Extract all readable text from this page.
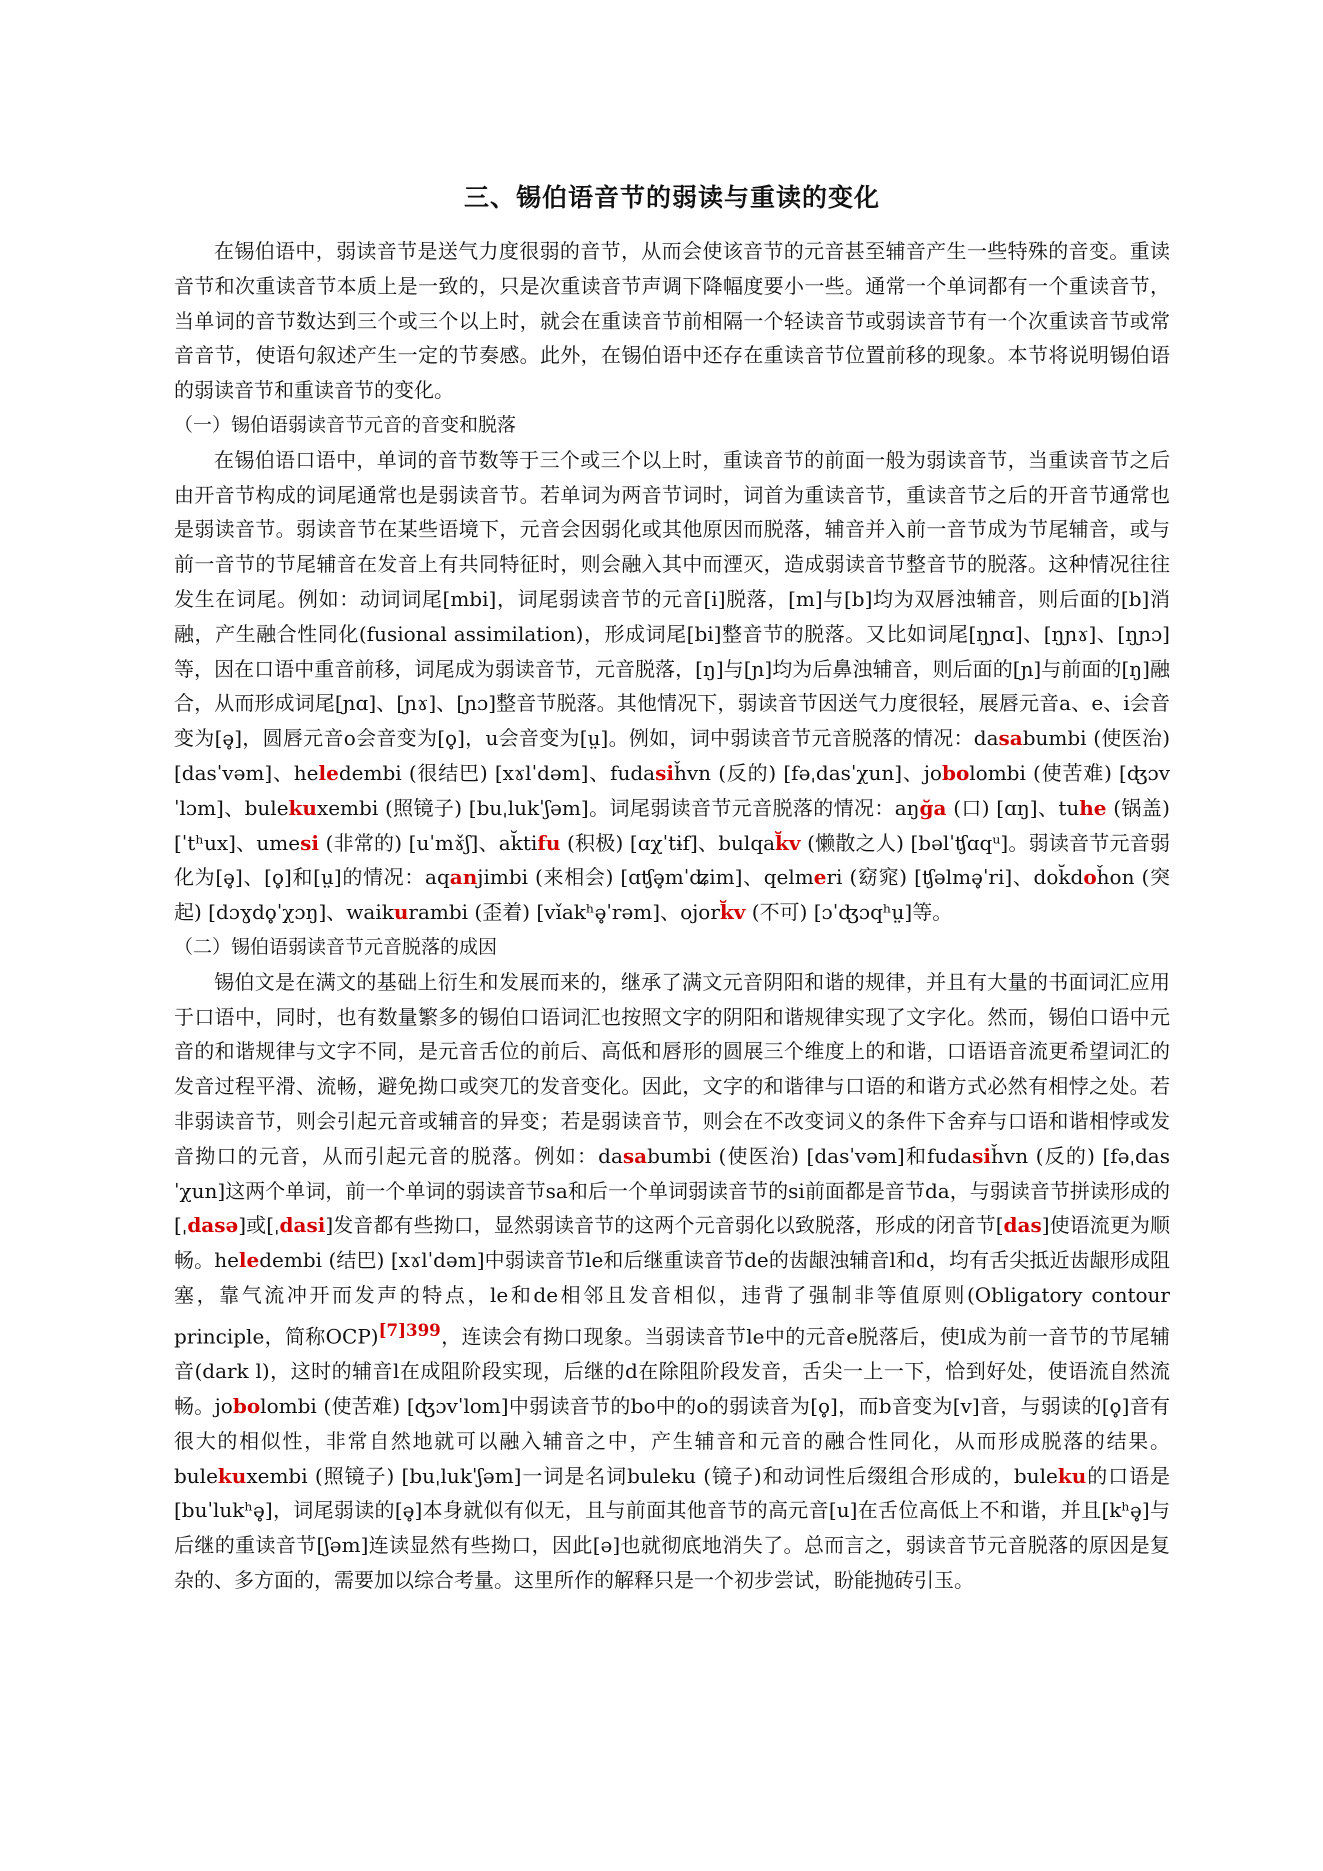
三、锡伯语音节的弱读与重读的变化

在锡伯语中，弱读音节是送气力度很弱的音节，从而会使该音节的元音甚至辅音产生一些特殊的音变。重读音节和次重读音节本质上是一致的，只是次重读音节声调下降幅度要小一些。通常一个单词都有一个重读音节，当单词的音节数达到三个或三个以上时，就会在重读音节前相隔一个轻读音节或弱读音节有一个次重读音节或常音音节，使语句叙述产生一定的节奏感。此外，在锡伯语中还存在重读音节位置前移的现象。本节将说明锡伯语的弱读音节和重读音节的变化。

（一）锡伯语弱读音节元音的音变和脱落

在锡伯语口语中，单词的音节数等于三个或三个以上时，重读音节的前面一般为弱读音节，当重读音节之后由开音节构成的词尾通常也是弱读音节。若单词为两音节词时，词首为重读音节，重读音节之后的开音节通常也是弱读音节。弱读音节在某些语境下，元音会因弱化或其他原因而脱落，辅音并入前一音节成为节尾辅音，或与前一音节的节尾辅音在发音上有共同特征时，则会融入其中而湮灭，造成弱读音节整音节的脱落。这种情况往往发生在词尾。例如：动词词尾[mbi]，词尾弱读音节的元音[i]脱落，[m]与[b]均为双唇浊辅音，则后面的[b]消融，产生融合性同化(fusional assimilation)，形成词尾[bi]整音节的脱落。又比如词尾[ŋɲɑ]、[ŋɲɤ]、[ŋɲɔ]等，因在口语中重音前移，词尾成为弱读音节，元音脱落，[ŋ]与[ɲ]均为后鼻浊辅音，则后面的[ɲ]与前面的[ŋ]融合，从而形成词尾[ɲɑ]、[ɲɤ]、[ɲɔ]整音节脱落。其他情况下，弱读音节因送气力度很轻，展唇元音a、e、i会音变为[ə̥]，圆唇元音o会音变为[o̥]，u会音变为[ṳ]。例如，词中弱读音节元音脱落的情况：dasabumbi (使医治) [dasˈvəm]、heledembi (很结巴) [xɤlˈdəm]、fudasiȟvn (反的) [fəˌdasˈχun]、jobolombi (使苦难) [ʤɔvˈlɔm]、bulekuxembi (照镜子) [buˌlukˈʃəm]。词尾弱读音节元音脱落的情况：aŋğa (口) [ɑŋ]、tuhe (锅盖) [ˈtʰux]、umesi (非常的) [uˈmɤ̌ʃ]、ak̆tifu (积极) [ɑχˈtɨf]、bulqak̆v (懒散之人) [bəlˈʧɑqᵘ]。弱读音节元音弱化为[ə̥]、[o̥]和[ṳ]的情况：aqanjimbi (来相会) [ɑʧə̥mˈʥim]、qelmeri (窈窕) [ʧəlmə̥ˈri]、dok̆doȟon (突起) [dɔɣdo̥ˈχɔŋ]、waikurambi (歪着) [vǐakʰə̥ˈrəm]、ojork̆v (不可) [ɔˈʤɔqʰṳ]等。

（二）锡伯语弱读音节元音脱落的成因

锡伯文是在满文的基础上衍生和发展而来的，继承了满文元音阴阳和谐的规律，并且有大量的书面词汇应用于口语中，同时，也有数量繁多的锡伯口语词汇也按照文字的阴阳和谐规律实现了文字化。然而，锡伯口语中元音的和谐规律与文字不同，是元音舌位的前后、高低和唇形的圆展三个维度上的和谐，口语语音流更希望词汇的发音过程平滑、流畅，避免拗口或突兀的发音变化。因此，文字的和谐律与口语的和谐方式必然有相悖之处。若非弱读音节，则会引起元音或辅音的异变；若是弱读音节，则会在不改变词义的条件下舍弃与口语和谐相悖或发音拗口的元音，从而引起元音的脱落。例如：dasabumbi (使医治) [dasˈvəm]和fudasiȟvn (反的) [fəˌdasˈχun]这两个单词，前一个单词的弱读音节sa和后一个单词弱读音节的si前面都是音节da，与弱读音节拼读形成的[ˌdasə]或[ˌdasi]发音都有些拗口，显然弱读音节的这两个元音弱化以致脱落，形成的闭音节[das]使语流更为顺畅。heledembi (结巴) [xɤlˈdəm]中弱读音节le和后继重读音节de的齿龈浊辅音l和d，均有舌尖抵近齿龈形成阻塞，靠气流冲开而发声的特点，le和de相邻且发音相似，违背了强制非等值原则(Obligatory contour principle，简称OCP)$^{[7]399}$，连读会有拗口现象。当弱读音节le中的元音e脱落后，使l成为前一音节的节尾辅音(dark l)，这时的辅音l在成阻阶段实现，后继的d在除阻阶段发音，舌尖一上一下，恰到好处，使语流自然流畅。jobolombi (使苦难) [ʤɔvˈlom]中弱读音节的bo中的o的弱读音为[o̥]，而b音变为[v]音，与弱读的[o̥]音有很大的相似性，非常自然地就可以融入辅音之中，产生辅音和元音的融合性同化，从而形成脱落的结果。bulekuxembi (照镜子) [buˌlukˈʃəm]一词是名词buleku (镜子)和动词性后缀组合形成的，buleku的口语是[buˈlukʰə̥]，词尾弱读的[ə̥]本身就似有似无，且与前面其他音节的高元音[u]在舌位高低上不和谐，并且[kʰə̥]与后继的重读音节[ʃəm]连读显然有些拗口，因此[ə]也就彻底地消失了。总而言之，弱读音节元音脱落的原因是复杂的、多方面的，需要加以综合考量。这里所作的解释只是一个初步尝试，盼能抛砖引玉。
